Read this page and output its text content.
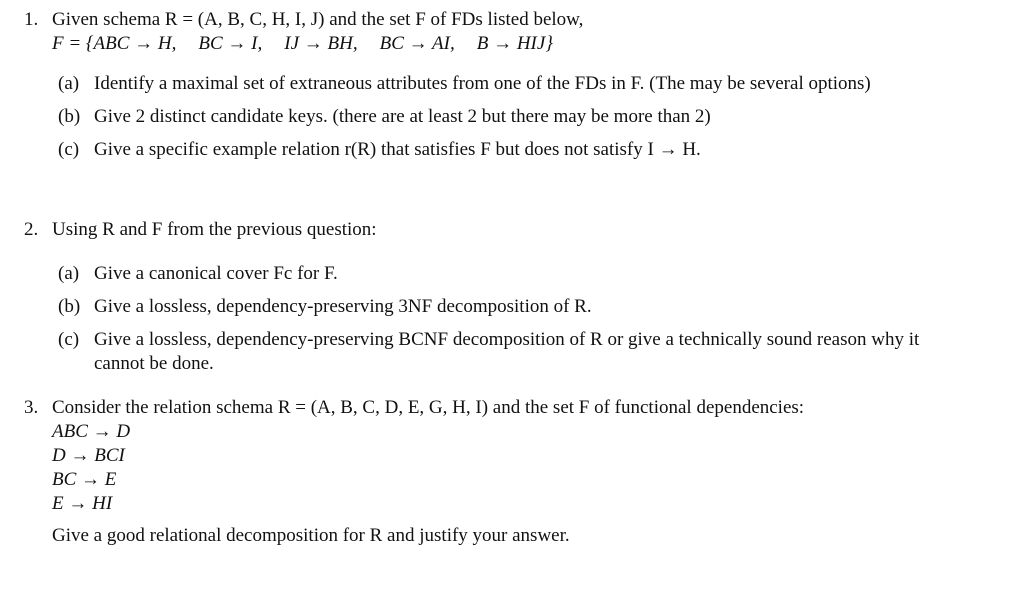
1. Given schema R = (A, B, C, H, I, J) and the set F of FDs listed below,
F = {ABC → H, BC → I, IJ → BH, BC → AI, B → HIJ}
(a) Identify a maximal set of extraneous attributes from one of the FDs in F. (The may be several options)
(b) Give 2 distinct candidate keys. (there are at least 2 but there may be more than 2)
(c) Give a specific example relation r(R) that satisfies F but does not satisfy I → H.
2. Using R and F from the previous question:
(a) Give a canonical cover Fc for F.
(b) Give a lossless, dependency-preserving 3NF decomposition of R.
(c) Give a lossless, dependency-preserving BCNF decomposition of R or give a technically sound reason why it cannot be done.
3. Consider the relation schema R = (A, B, C, D, E, G, H, I) and the set F of functional dependencies:
ABC → D
D → BCI
BC → E
E → HI
Give a good relational decomposition for R and justify your answer.
